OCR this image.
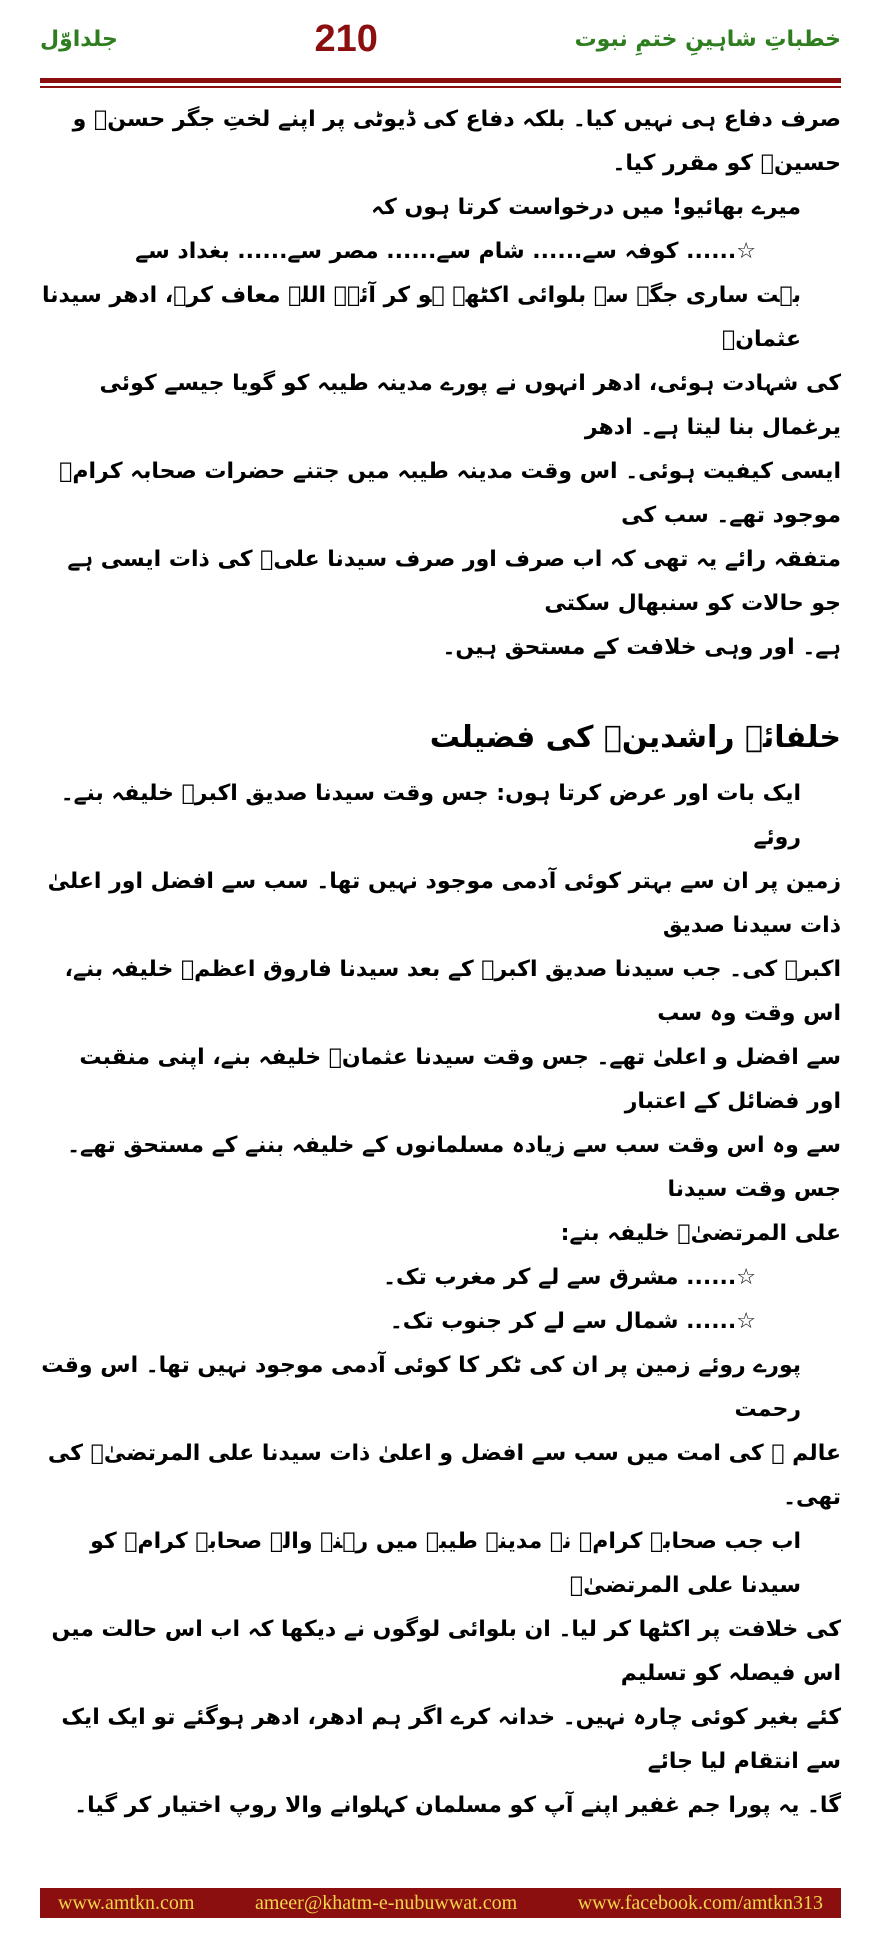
جلداوّل	210	خطباتِ شاہینِ ختمِ نبوت
صرف دفاع ہی نہیں کیا۔ بلکہ دفاع کی ڈیوٹی پر اپنے لختِ جگر حسنؓ و حسینؓ کو مقرر کیا۔
میرے بھائیو! میں درخواست کرتا ہوں کہ
☆...... کوفہ سے...... شام سے...... مصر سے...... بغداد سے
بہت ساری جگہ سے بلوائی اکٹھے ہو کر آئے۔ اللہ معاف کرے، ادھر سیدنا عثمانؓ
کی شہادت ہوئی، ادھر انہوں نے پورے مدینہ طیبہ کو گویا جیسے کوئی یرغمال بنا لیتا ہے۔ ادھر
ایسی کیفیت ہوئی۔ اس وقت مدینہ طیبہ میں جتنے حضرات صحابہ کرامؓ موجود تھے۔ سب کی
متفقہ رائے یہ تھی کہ اب صرف اور صرف سیدنا علیؓ کی ذات ایسی ہے جو حالات کو سنبھال سکتی
ہے۔ اور وہی خلافت کے مستحق ہیں۔
خلفائے راشدینؓ کی فضیلت
ایک بات اور عرض کرتا ہوں: جس وقت سیدنا صدیق اکبرؓ خلیفہ بنے۔ روئے
زمین پر ان سے بہتر کوئی آدمی موجود نہیں تھا۔ سب سے افضل اور اعلیٰ ذات سیدنا صدیق
اکبرؓ کی۔ جب سیدنا صدیق اکبرؓ کے بعد سیدنا فاروق اعظمؓ خلیفہ بنے، اس وقت وہ سب
سے افضل و اعلیٰ تھے۔ جس وقت سیدنا عثمانؓ خلیفہ بنے، اپنی منقبت اور فضائل کے اعتبار
سے وہ اس وقت سب سے زیادہ مسلمانوں کے خلیفہ بننے کے مستحق تھے۔ جس وقت سیدنا
علی المرتضیٰؓ خلیفہ بنے:
☆...... مشرق سے لے کر مغرب تک۔
☆...... شمال سے لے کر جنوب تک۔
پورے روئے زمین پر ان کی ٹکر کا کوئی آدمی موجود نہیں تھا۔ اس وقت رحمت
عالم ﷺ کی امت میں سب سے افضل و اعلیٰ ذات سیدنا علی المرتضیٰؓ کی تھی۔
اب جب صحابہ کرامؓ نے مدینہ طیبہ میں رہنے والے صحابہ کرامؓ کو سیدنا علی المرتضیٰؓ
کی خلافت پر اکٹھا کر لیا۔ ان بلوائی لوگوں نے دیکھا کہ اب اس حالت میں اس فیصلہ کو تسلیم
کئے بغیر کوئی چارہ نہیں۔ خدانہ کرے اگر ہم ادھر، ادھر ہوگئے تو ایک ایک سے انتقام لیا جائے
گا۔ یہ پورا جم غفیر اپنے آپ کو مسلمان کہلوانے والا روپ اختیار کر گیا۔
www.amtkn.com	ameer@khatm-e-nubuwwat.com	www.facebook.com/amtkn313
